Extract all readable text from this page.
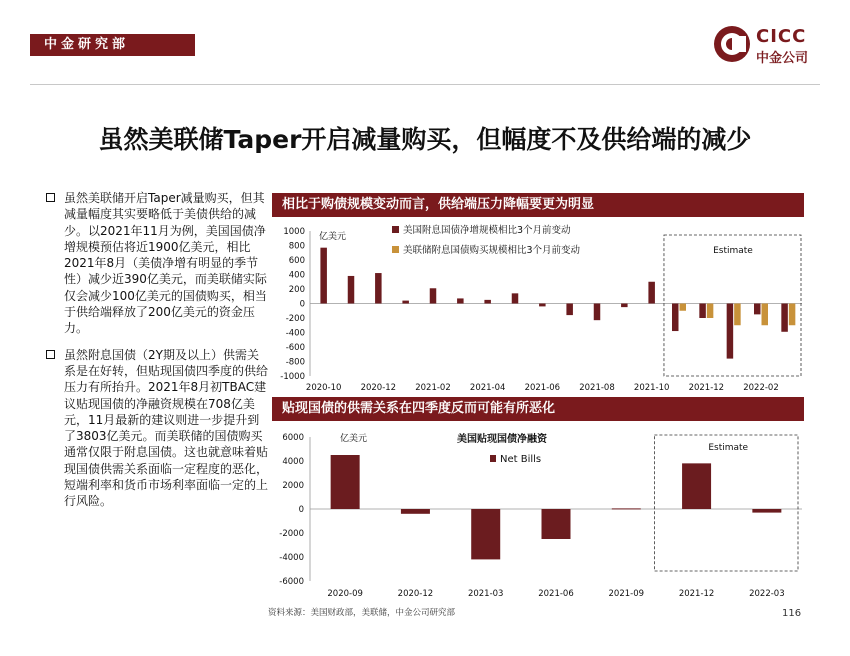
中金研究部	CICC
中金公司
虽然美联储Taper开启减量购买，但幅度不及供给端的减少
虽然美联储开启Taper减量购买，但其减量幅度其实要略低于美债供给的减少。以2021年11月为例，美国国债净增规模预估将近1900亿美元，相比2021年8月（美债净增有明显的季节性）减少近390亿美元，而美联储实际仅会减少100亿美元的国债购买，相当于供给端释放了200亿美元的资金压力。
虽然附息国债（2Y期及以上）供需关系是在好转，但贴现国债四季度的供给压力有所抬升。2021年8月初TBAC建议贴现国债的净融资规模在708亿美元，11月最新的建议则进一步提升到了3803亿美元。而美联储的国债购买通常仅限于附息国债。这也就意味着贴现国债供需关系面临一定程度的恶化，短端利率和货币市场利率面临一定的上行风险。
相比于购债规模变动而言，供给端压力降幅要更为明显
-1000
-800
-600
-400
-200
0
200
400
600
800
1000 亿美元
2020-10 2020-12 2021-02 2021-04 2021-06 2021-08 2021-10 2021-12 2022-02
Estimate
美国附息国债净增规模相比3个月前变动
美联储附息国债购买规模相比3个月前变动
贴现国债的供需关系在四季度反而可能有所恶化
-6000
-4000
-2000
0
2000
4000
6000	亿美元	美国贴现国债净融资
2020-09	2020-12	2021-03	2021-06	2021-09	2021-12	2022-03
Estimate
Net Bills
资料来源：美国财政部，美联储，中金公司研究部	116
